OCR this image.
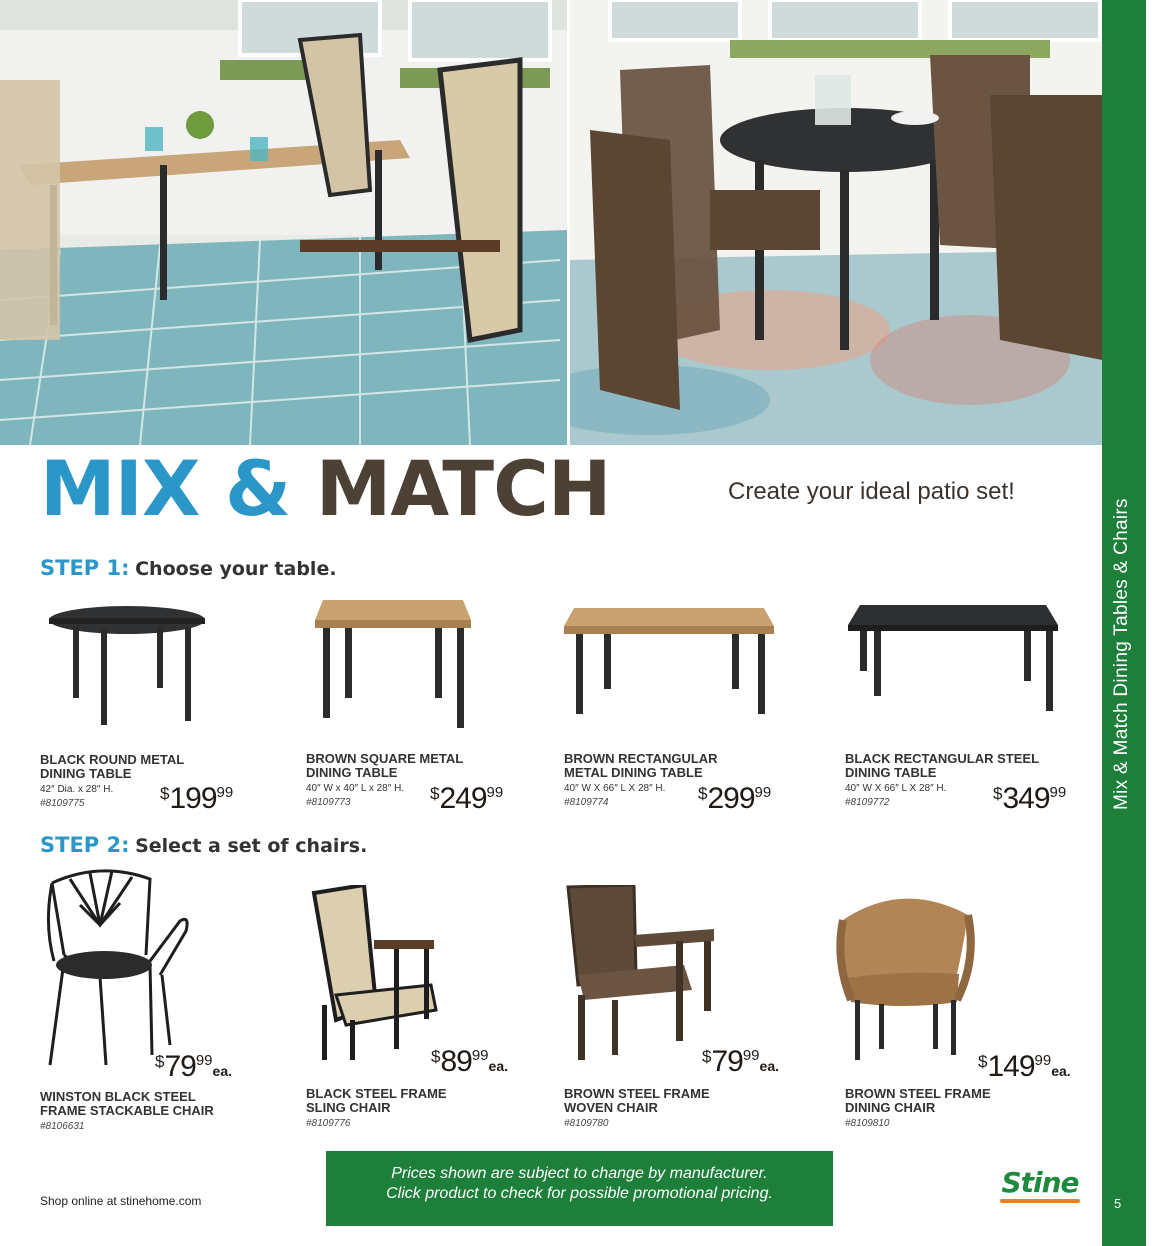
Mix & Match Dining Tables & Chairs
5
MIX & MATCH	Create your ideal patio set!
STEP 1: Choose your table.
BLACK ROUND METAL
DINING TABLE
42″ Dia. x 28″ H.
#8109775
$19999
BROWN SQUARE METAL
DINING TABLE
40″ W x 40″ L x 28″ H.
#8109773	$24999
BROWN RECTANGULAR
METAL DINING TABLE
40″ W X 66″ L X 28″ H.
#8109774	$29999
BLACK RECTANGULAR STEEL
DINING TABLE
40″ W X 66″ L X 28″ H.
#8109772	$34999
STEP 2: Select a set of chairs.
$7999ea.
WINSTON BLACK STEEL
FRAME STACKABLE CHAIR
#8106631
$8999ea.
BLACK STEEL FRAME
SLING CHAIR
#8109776
$7999ea.
BROWN STEEL FRAME
WOVEN CHAIR
#8109780
$14999ea.
BROWN STEEL FRAME
DINING CHAIR
#8109810
Prices shown are subject to change by manufacturer.
Click product to check for possible promotional pricing.
Shop online at stinehome.com
Stine
